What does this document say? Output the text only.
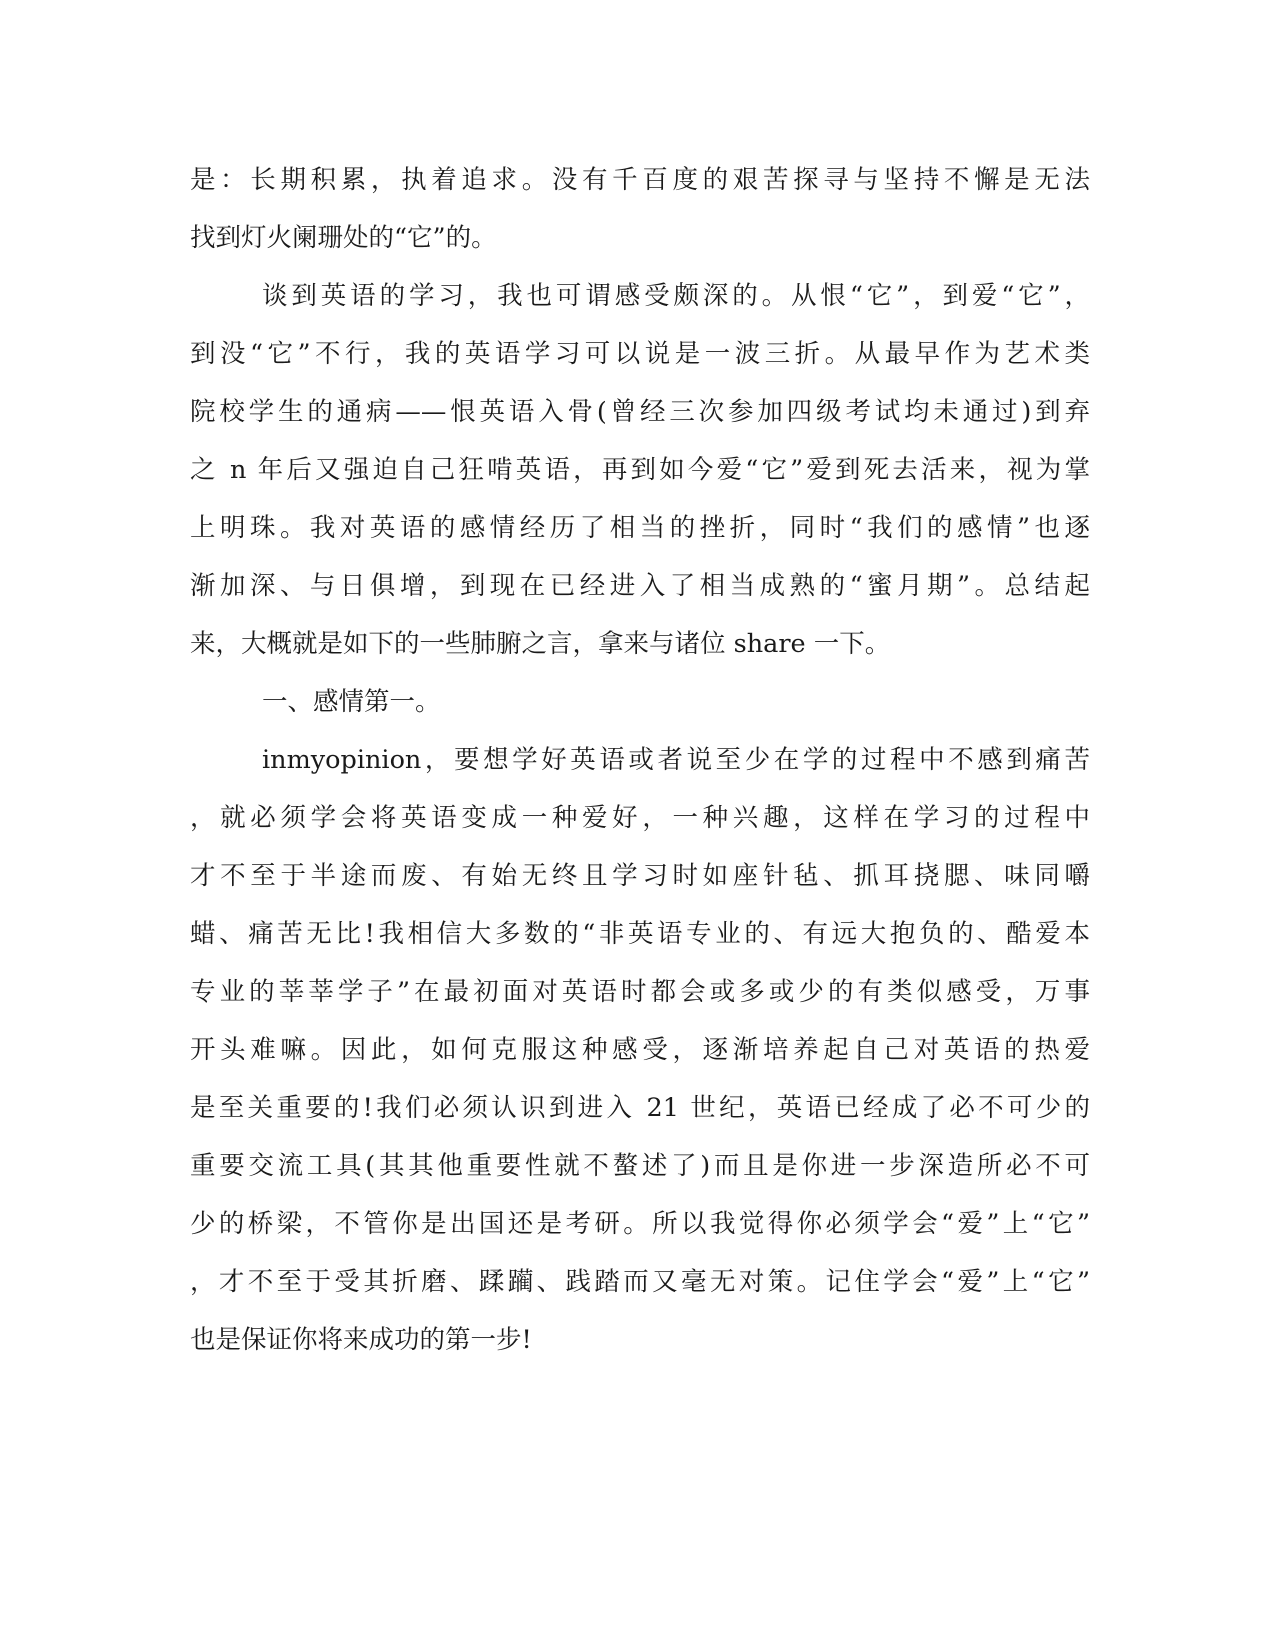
是：长期积累，执着追求。没有千百度的艰苦探寻与坚持不懈是无法
找到灯火阑珊处的“它”的。
谈到英语的学习，我也可谓感受颇深的。从恨“它”，到爱“它”，
到没“它”不行，我的英语学习可以说是一波三折。从最早作为艺术类
院校学生的通病——恨英语入骨(曾经三次参加四级考试均未通过)到弃
之 n 年后又强迫自己狂啃英语，再到如今爱“它”爱到死去活来，视为掌
上明珠。我对英语的感情经历了相当的挫折，同时“我们的感情”也逐
渐加深、与日俱增，到现在已经进入了相当成熟的“蜜月期”。总结起
来，大概就是如下的一些肺腑之言，拿来与诸位 share 一下。
一、感情第一。
inmyopinion，要想学好英语或者说至少在学的过程中不感到痛苦
，就必须学会将英语变成一种爱好，一种兴趣，这样在学习的过程中
才不至于半途而废、有始无终且学习时如座针毡、抓耳挠腮、味同嚼
蜡、痛苦无比!我相信大多数的“非英语专业的、有远大抱负的、酷爱本
专业的莘莘学子”在最初面对英语时都会或多或少的有类似感受，万事
开头难嘛。因此，如何克服这种感受，逐渐培养起自己对英语的热爱
是至关重要的!我们必须认识到进入 21 世纪，英语已经成了必不可少的
重要交流工具(其其他重要性就不螯述了)而且是你进一步深造所必不可
少的桥梁，不管你是出国还是考研。所以我觉得你必须学会“爱”上“它”
，才不至于受其折磨、蹂躏、践踏而又毫无对策。记住学会“爱”上“它”
也是保证你将来成功的第一步!
